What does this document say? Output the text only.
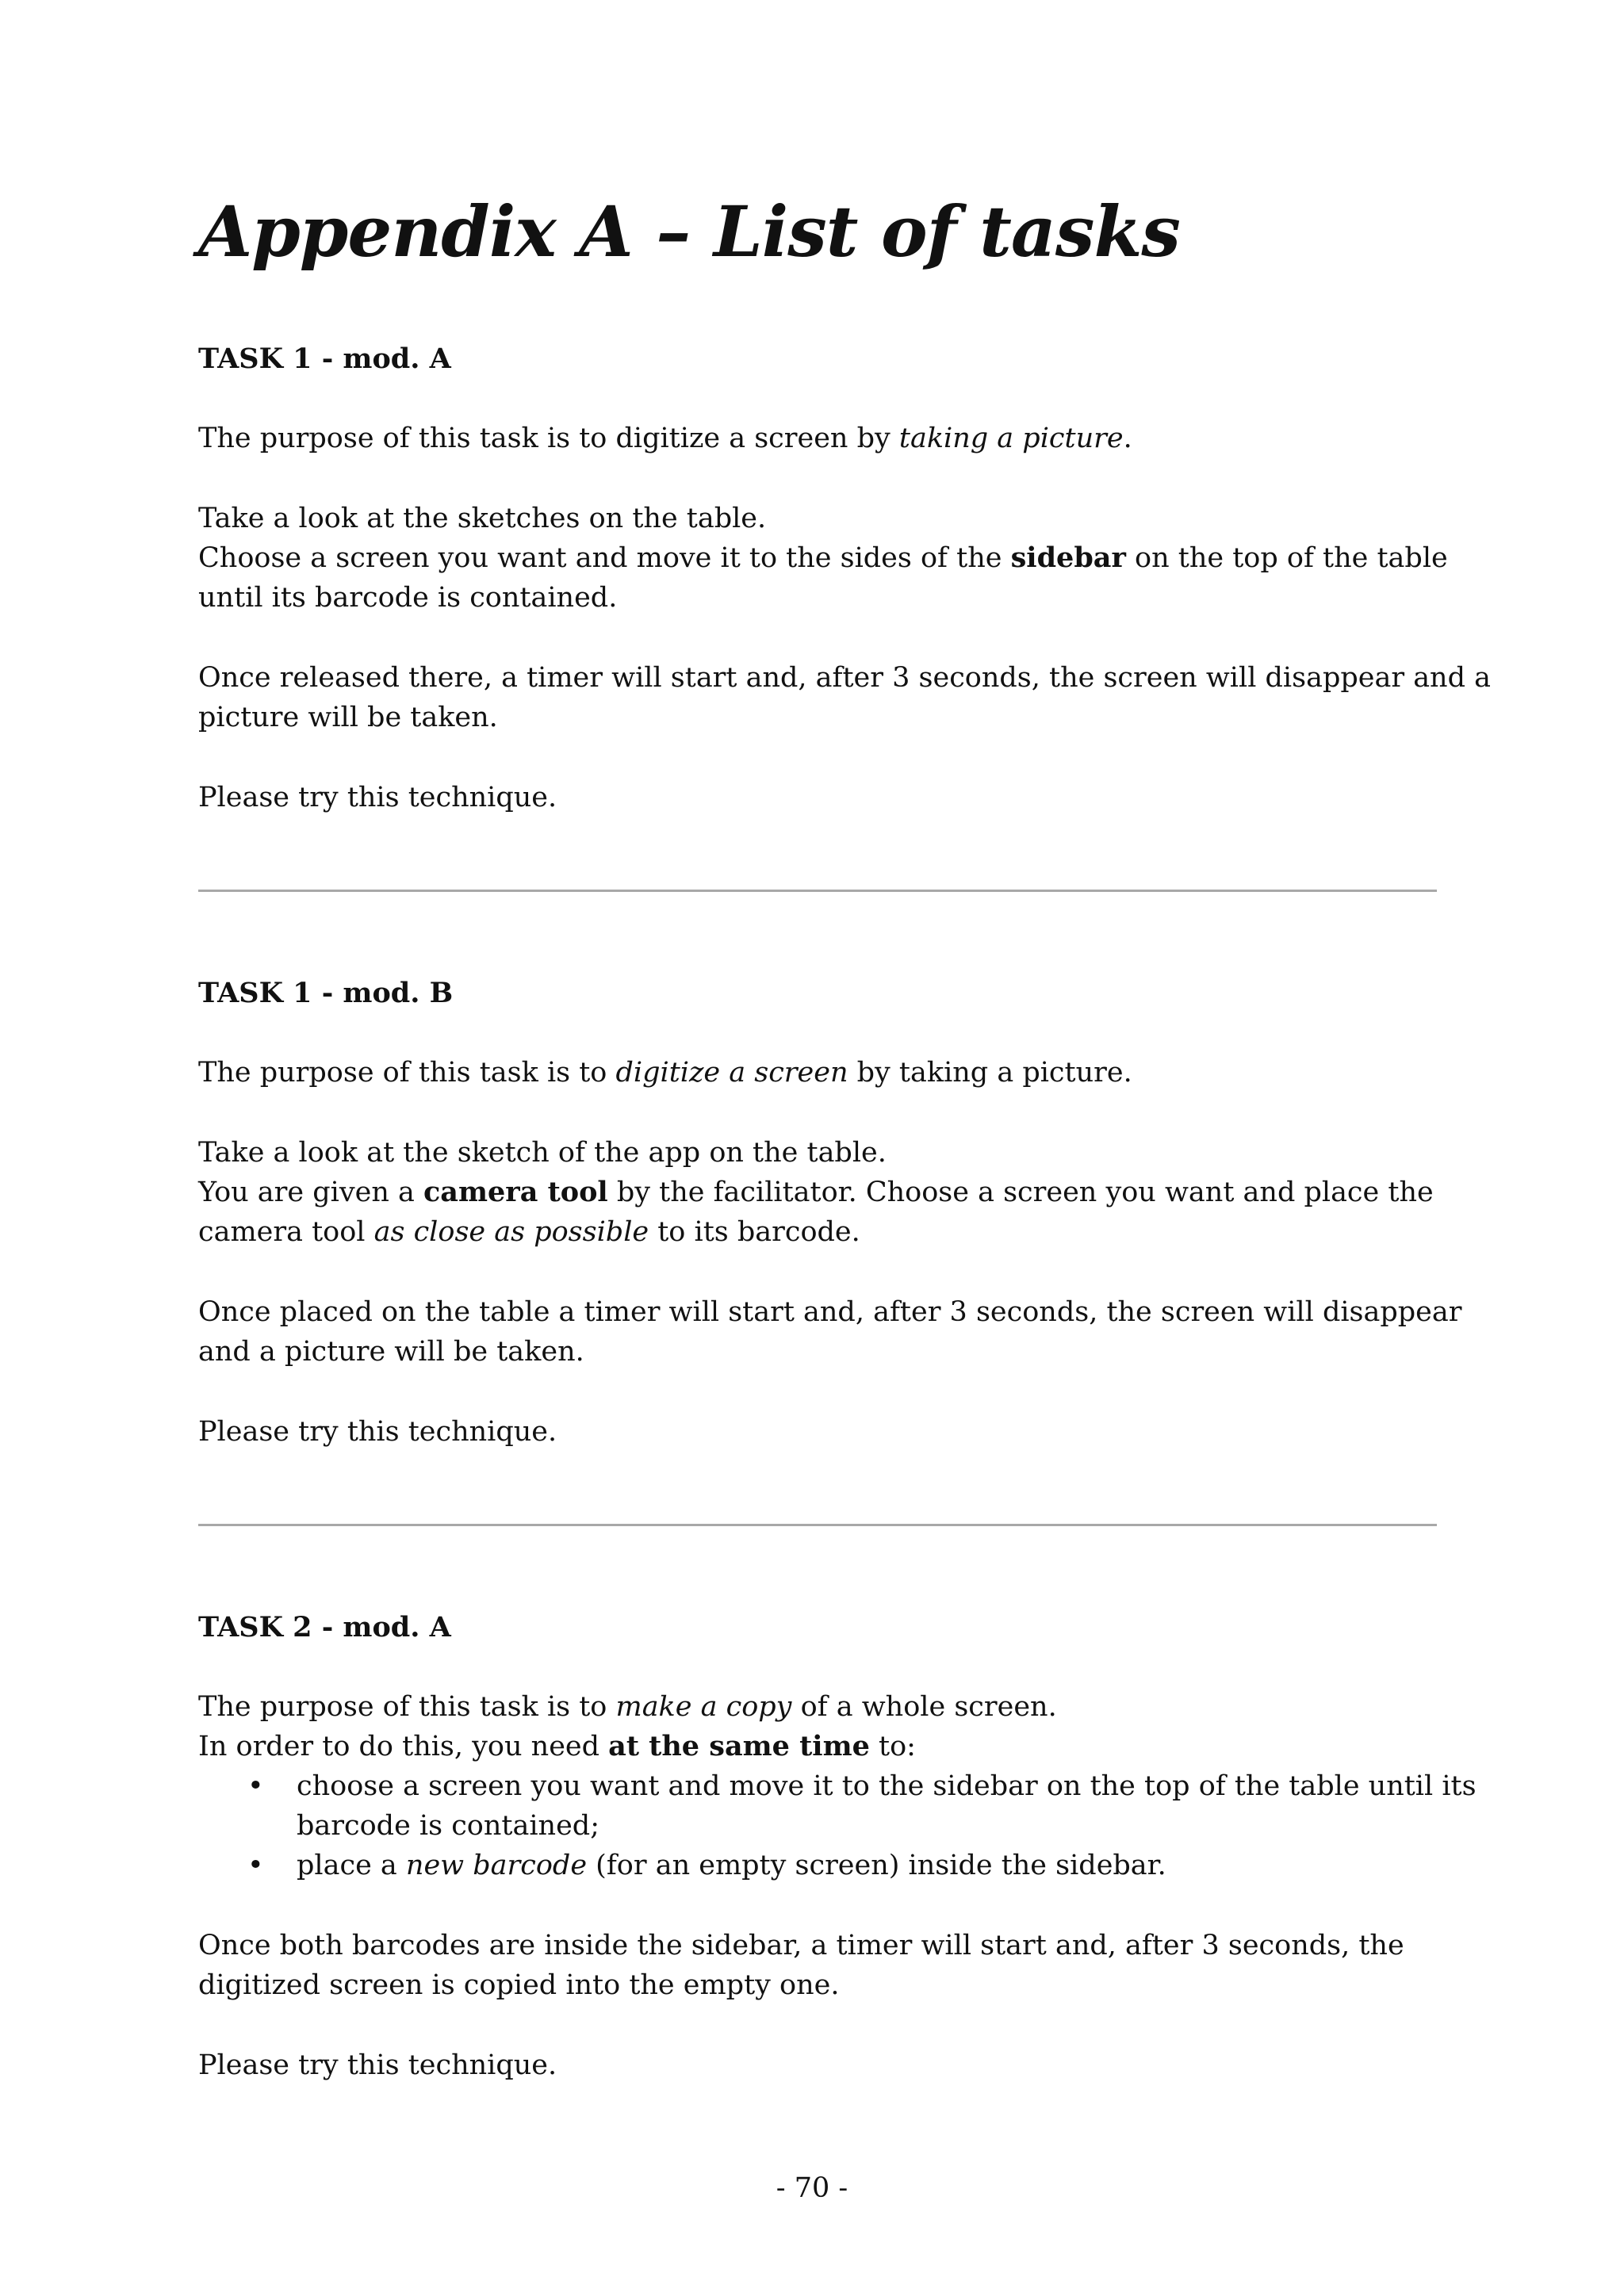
Appendix A – List of tasks
TASK 1 - mod. A

The purpose of this task is to digitize a screen by taking a picture.

Take a look at the sketches on the table.
Choose a screen you want and move it to the sides of the sidebar on the top of the table
until its barcode is contained.

Once released there, a timer will start and, after 3 seconds, the screen will disappear and a
picture will be taken.

Please try this technique.

TASK 1 - mod. B

The purpose of this task is to digitize a screen by taking a picture.

Take a look at the sketch of the app on the table.
You are given a camera tool by the facilitator. Choose a screen you want and place the
camera tool as close as possible to its barcode.

Once placed on the table a timer will start and, after 3 seconds, the screen will disappear
and a picture will be taken.

Please try this technique.

TASK 2 - mod. A

The purpose of this task is to make a copy of a whole screen.
In order to do this, you need at the same time to:

• choose a screen you want and move it to the sidebar on the top of the table until its
barcode is contained;
• place a new barcode (for an empty screen) inside the sidebar.

Once both barcodes are inside the sidebar, a timer will start and, after 3 seconds, the
digitized screen is copied into the empty one.

Please try this technique.

- 70 -
